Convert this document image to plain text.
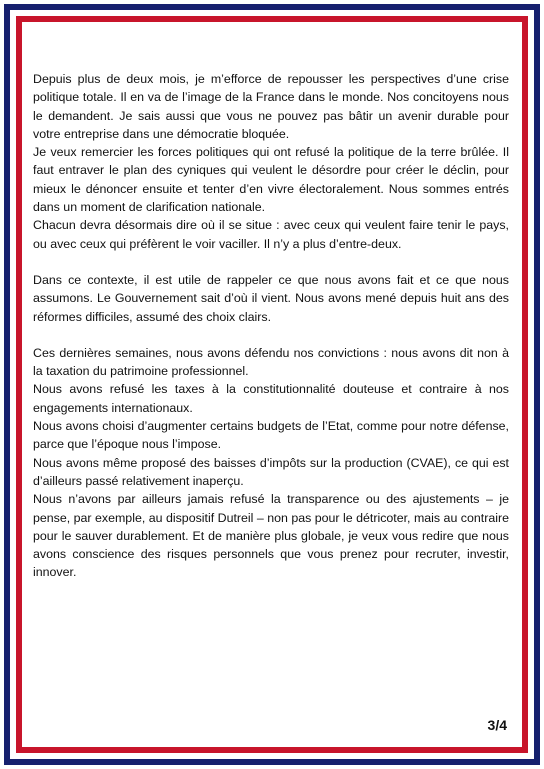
Depuis plus de deux mois, je m’efforce de repousser les perspectives d’une crise politique totale. Il en va de l’image de la France dans le monde. Nos concitoyens nous le demandent. Je sais aussi que vous ne pouvez pas bâtir un avenir durable pour votre entreprise dans une démocratie bloquée.

Je veux remercier les forces politiques qui ont refusé la politique de la terre brûlée. Il faut entraver le plan des cyniques qui veulent le désordre pour créer le déclin, pour mieux le dénoncer ensuite et tenter d’en vivre électoralement. Nous sommes entrés dans un moment de clarification nationale.

Chacun devra désormais dire où il se situe : avec ceux qui veulent faire tenir le pays, ou avec ceux qui préfèrent le voir vaciller. Il n’y a plus d’entre-deux.

Dans ce contexte, il est utile de rappeler ce que nous avons fait et ce que nous assumons. Le Gouvernement sait d’où il vient. Nous avons mené depuis huit ans des réformes difficiles, assumé des choix clairs.

Ces dernières semaines, nous avons défendu nos convictions : nous avons dit non à la taxation du patrimoine professionnel.

Nous avons refusé les taxes à la constitutionnalité douteuse et contraire à nos engagements internationaux.

Nous avons choisi d’augmenter certains budgets de l’Etat, comme pour notre défense, parce que l’époque nous l’impose.

Nous avons même proposé des baisses d’impôts sur la production (CVAE), ce qui est d’ailleurs passé relativement inaperçu.

Nous n’avons par ailleurs jamais refusé la transparence ou des ajustements – je pense, par exemple, au dispositif Dutreil – non pas pour le détricoter, mais au contraire pour le sauver durablement. Et de manière plus globale, je veux vous redire que nous avons conscience des risques personnels que vous prenez pour recruter, investir, innover.

3/4
